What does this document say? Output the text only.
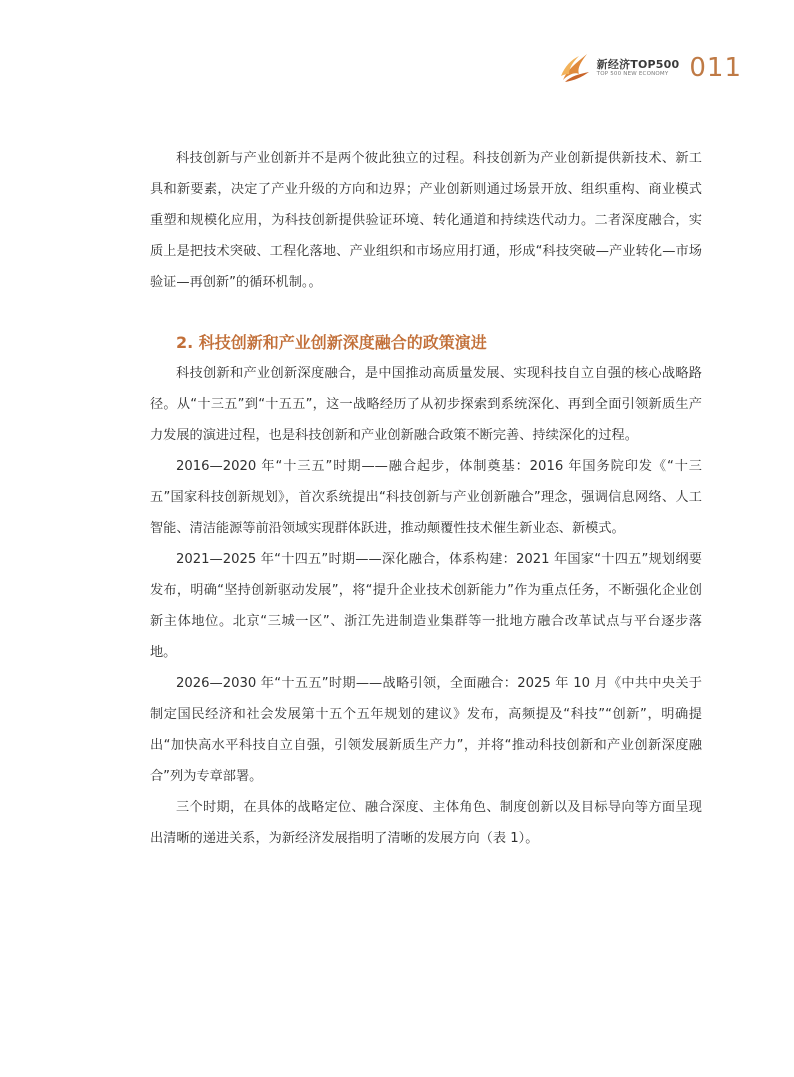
新经济TOP500
TOP 500 NEW ECONOMY 011

科技创新与产业创新并不是两个彼此独立的过程。科技创新为产业创新提供新技术、新工具和新要素，决定了产业升级的方向和边界；产业创新则通过场景开放、组织重构、商业模式重塑和规模化应用，为科技创新提供验证环境、转化通道和持续迭代动力。二者深度融合，实质上是把技术突破、工程化落地、产业组织和市场应用打通，形成“科技突破—产业转化—市场验证—再创新”的循环机制。。

2. 科技创新和产业创新深度融合的政策演进

科技创新和产业创新深度融合，是中国推动高质量发展、实现科技自立自强的核心战略路径。从“十三五”到“十五五”，这一战略经历了从初步探索到系统深化、再到全面引领新质生产力发展的演进过程，也是科技创新和产业创新融合政策不断完善、持续深化的过程。

2016—2020 年“十三五”时期——融合起步，体制奠基：2016 年国务院印发《“十三五”国家科技创新规划》，首次系统提出“科技创新与产业创新融合”理念，强调信息网络、人工智能、清洁能源等前沿领域实现群体跃进，推动颠覆性技术催生新业态、新模式。

2021—2025 年“十四五”时期——深化融合，体系构建：2021 年国家“十四五”规划纲要发布，明确“坚持创新驱动发展”，将“提升企业技术创新能力”作为重点任务，不断强化企业创新主体地位。北京“三城一区”、浙江先进制造业集群等一批地方融合改革试点与平台逐步落地。

2026—2030 年“十五五”时期——战略引领，全面融合：2025 年 10 月《中共中央关于制定国民经济和社会发展第十五个五年规划的建议》发布，高频提及“科技”“创新”，明确提出“加快高水平科技自立自强，引领发展新质生产力”，并将“推动科技创新和产业创新深度融合”列为专章部署。

三个时期，在具体的战略定位、融合深度、主体角色、制度创新以及目标导向等方面呈现出清晰的递进关系，为新经济发展指明了清晰的发展方向（表 1）。
